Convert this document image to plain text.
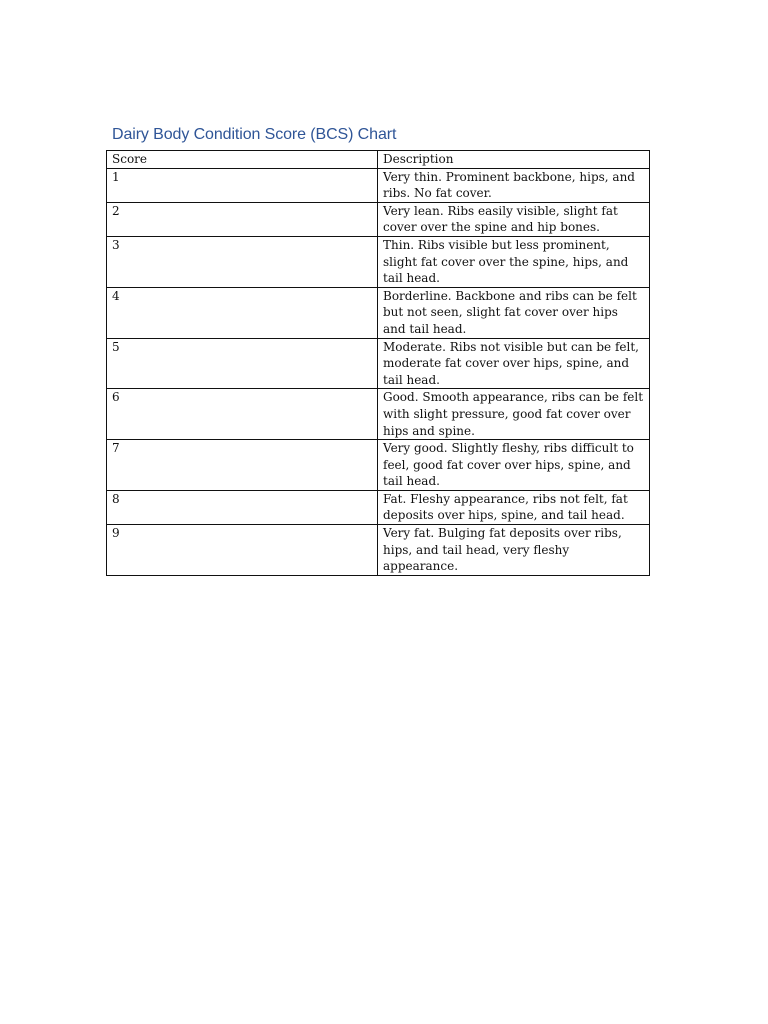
Dairy Body Condition Score (BCS) Chart
Score	Description
1	Very thin. Prominent backbone, hips, and ribs. No fat cover.
2	Very lean. Ribs easily visible, slight fat cover over the spine and hip bones.
3	Thin. Ribs visible but less prominent, slight fat cover over the spine, hips, and tail head.
4	Borderline. Backbone and ribs can be felt but not seen, slight fat cover over hips and tail head.
5	Moderate. Ribs not visible but can be felt, moderate fat cover over hips, spine, and tail head.
6	Good. Smooth appearance, ribs can be felt with slight pressure, good fat cover over hips and spine.
7	Very good. Slightly fleshy, ribs difficult to feel, good fat cover over hips, spine, and tail head.
8	Fat. Fleshy appearance, ribs not felt, fat deposits over hips, spine, and tail head.
9	Very fat. Bulging fat deposits over ribs, hips, and tail head, very fleshy appearance.
